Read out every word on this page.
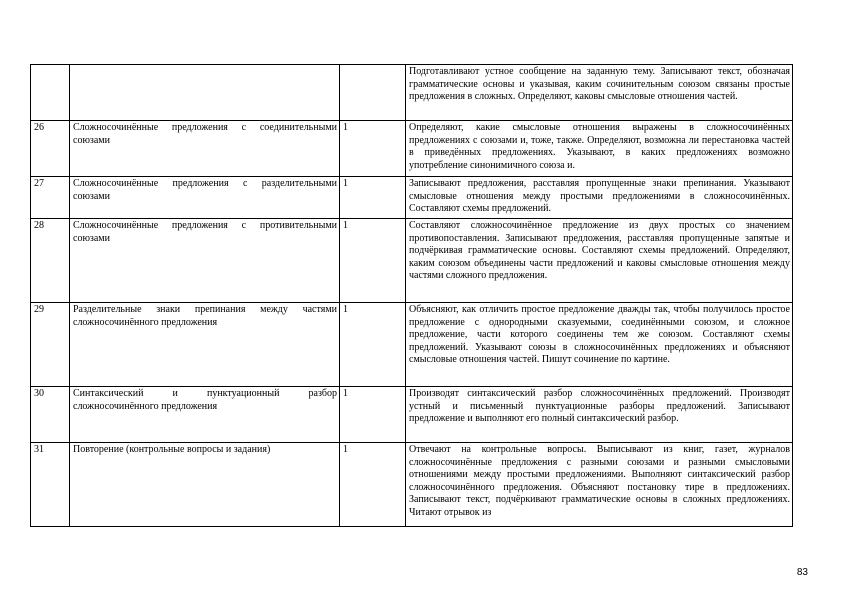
			Подготавливают устное сообщение на заданную тему. Записывают текст, обозначая грамматические основы и указывая, каким сочинительным союзом связаны простые предложения в сложных. Определяют, каковы смысловые отношения частей.
26	Сложносочинённые предложения с соединительными союзами	1	Определяют, какие смысловые отношения выражены в сложносочинённых предложениях с союзами и, тоже, также. Определяют, возможна ли перестановка частей в приведённых предложениях. Указывают, в каких предложениях возможно употребление синонимичного союза и.
27	Сложносочинённые предложения с разделительными союзами	1	Записывают предложения, расставляя пропущенные знаки препинания. Указывают смысловые отношения между простыми предложениями в сложносочинённых. Составляют схемы предложений.
28	Сложносочинённые предложения с противительными союзами	1	Составляют сложносочинённое предложение из двух простых со значением противопоставления. Записывают предложения, расставляя пропущенные запятые и подчёркивая грамматические основы. Составляют схемы предложений. Определяют, каким союзом объединены части предложений и каковы смысловые отношения между частями сложного предложения.
29	Разделительные знаки препинания между частями сложносочинённого предложения	1	Объясняют, как отличить простое предложение дважды так, чтобы получилось простое предложение с однородными сказуемыми, соединёнными союзом, и сложное предложение, части которого соединены тем же союзом. Составляют схемы предложений. Указывают союзы в сложносочинённых предложениях и объясняют смысловые отношения частей. Пишут сочинение по картине.
30	Синтаксический и пунктуационный разбор сложносочинённого предложения	1	Производят синтаксический разбор сложносочинённых предложений. Производят устный и письменный пунктуационные разборы предложений. Записывают предложение и выполняют его полный синтаксический разбор.
31	Повторение (контрольные вопросы и задания)	1	Отвечают на контрольные вопросы. Выписывают из книг, газет, журналов сложносочинённые предложения с разными союзами и разными смысловыми отношениями между простыми предложениями. Выполняют синтаксический разбор сложносочинённого предложения. Объясняют постановку тире в предложениях. Записывают текст, подчёркивают грамматические основы в сложных предложениях. Читают отрывок из
83
